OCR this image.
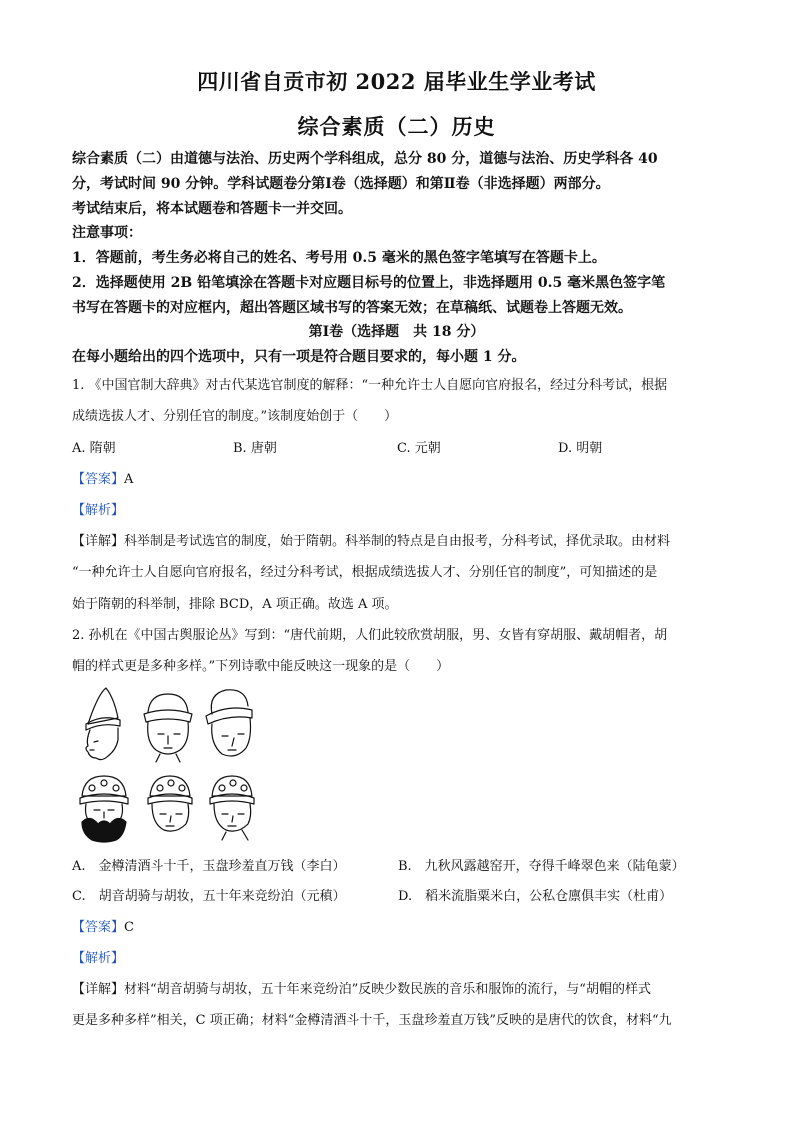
四川省自贡市初 2022 届毕业生学业考试
综合素质（二）历史
综合素质（二）由道德与法治、历史两个学科组成，总分 80 分，道德与法治、历史学科各 40
分，考试时间 90 分钟。学科试题卷分第Ⅰ卷（选择题）和第Ⅱ卷（非选择题）两部分。
考试结束后，将本试题卷和答题卡一并交回。
注意事项：
1．答题前，考生务必将自己的姓名、考号用 0.5 毫米的黑色签字笔填写在答题卡上。
2．选择题使用 2B 铅笔填涂在答题卡对应题目标号的位置上，非选择题用 0.5 毫米黑色签字笔
书写在答题卡的对应框内，超出答题区域书写的答案无效；在草稿纸、试题卷上答题无效。
第Ⅰ卷（选择题　共 18 分）
在每小题给出的四个选项中，只有一项是符合题目要求的，每小题 1 分。
1. 《中国官制大辞典》对古代某选官制度的解释：“一种允许士人自愿向官府报名，经过分科考试，根据
成绩选拔人才、分别任官的制度。”该制度始创于（　　）
A. 隋朝	B. 唐朝	C. 元朝	D. 明朝
【答案】A
【解析】
【详解】科举制是考试选官的制度，始于隋朝。科举制的特点是自由报考，分科考试，择优录取。由材料
“一种允许士人自愿向官府报名，经过分科考试，根据成绩选拔人才、分别任官的制度”，可知描述的是
始于隋朝的科举制，排除 BCD，A 项正确。故选 A 项。
2. 孙机在《中国古舆服论丛》写到：“唐代前期，人们此较欣赏胡服，男、女皆有穿胡服、戴胡帽者，胡
帽的样式更是多种多样。”下列诗歌中能反映这一现象的是（　　）
A.　金樽清酒斗十千，玉盘珍羞直万钱（李白）	B.　九秋风露越窑开，夺得千峰翠色来（陆龟蒙）
C.　胡音胡骑与胡妆，五十年来竞纷泊（元稹）	D.　稻米流脂粟米白，公私仓廪俱丰实（杜甫）
【答案】C
【解析】
【详解】材料“胡音胡骑与胡妆，五十年来竞纷泊”反映少数民族的音乐和服饰的流行，与“胡帽的样式
更是多种多样”相关，C 项正确；材料“金樽清酒斗十千，玉盘珍羞直万钱”反映的是唐代的饮食，材料“九
